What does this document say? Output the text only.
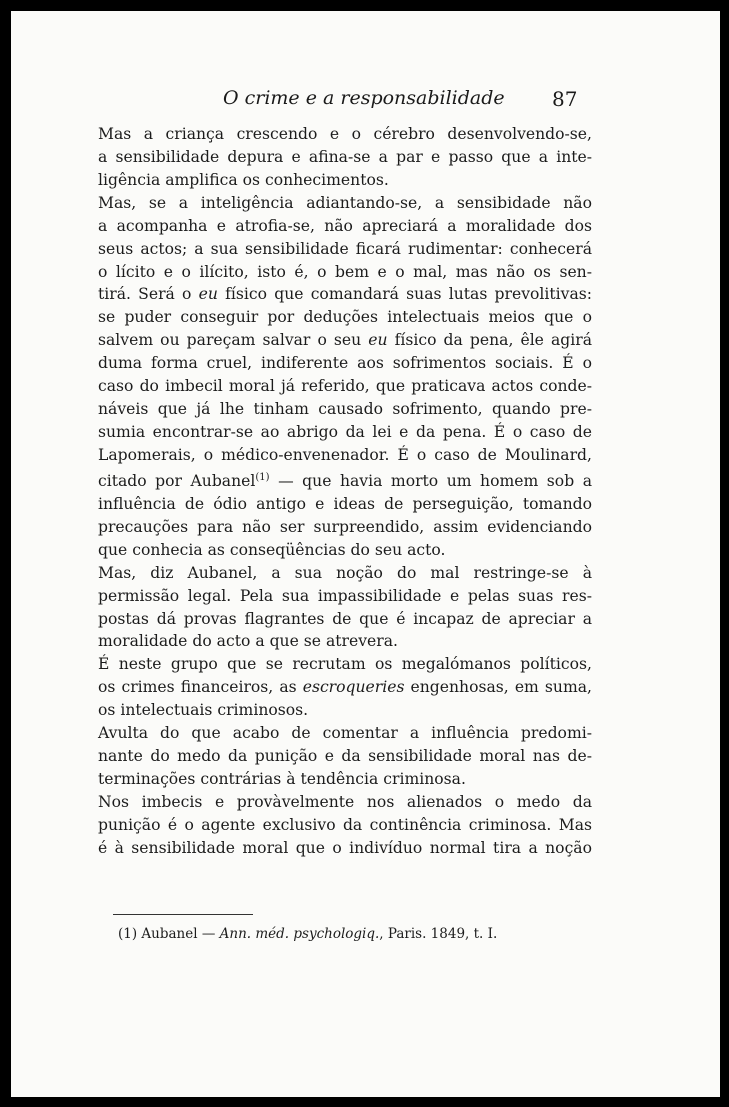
O crime e a responsabilidade 87

Mas a criança crescendo e o cérebro desenvolvendo-se,

a sensibilidade depura e afina-se a par e passo que a inte-

ligência amplifica os conhecimentos.

Mas, se a inteligência adiantando-se, a sensibidade não

a acompanha e atrofia-se, não apreciará a moralidade dos

seus actos; a sua sensibilidade ficará rudimentar: conhecerá

o lícito e o ilícito, isto é, o bem e o mal, mas não os sen-

tirá. Será o eu físico que comandará suas lutas prevolitivas:

se puder conseguir por deduções intelectuais meios que o

salvem ou pareçam salvar o seu eu físico da pena, êle agirá

duma forma cruel, indiferente aos sofrimentos sociais. É o

caso do imbecil moral já referido, que praticava actos conde-

náveis que já lhe tinham causado sofrimento, quando pre-

sumia encontrar-se ao abrigo da lei e da pena. É o caso de

Lapomerais, o médico-envenenador. É o caso de Moulinard,

citado por Aubanel$^{(1)}$ — que havia morto um homem sob a

influência de ódio antigo e ideas de perseguição, tomando

precauções para não ser surpreendido, assim evidenciando

que conhecia as conseqüências do seu acto.

Mas, diz Aubanel, a sua noção do mal restringe-se à

permissão legal. Pela sua impassibilidade e pelas suas res-

postas dá provas flagrantes de que é incapaz de apreciar a

moralidade do acto a que se atrevera.

É neste grupo que se recrutam os megalómanos políticos,

os crimes financeiros, as escroqueries engenhosas, em suma,

os intelectuais criminosos.

Avulta do que acabo de comentar a influência predomi-

nante do medo da punição e da sensibilidade moral nas de-

terminações contrárias à tendência criminosa.

Nos imbecis e provàvelmente nos alienados o medo da

punição é o agente exclusivo da continência criminosa. Mas

é à sensibilidade moral que o indivíduo normal tira a noção

(1) Aubanel — Ann. méd. psychologiq., Paris. 1849, t. I.
